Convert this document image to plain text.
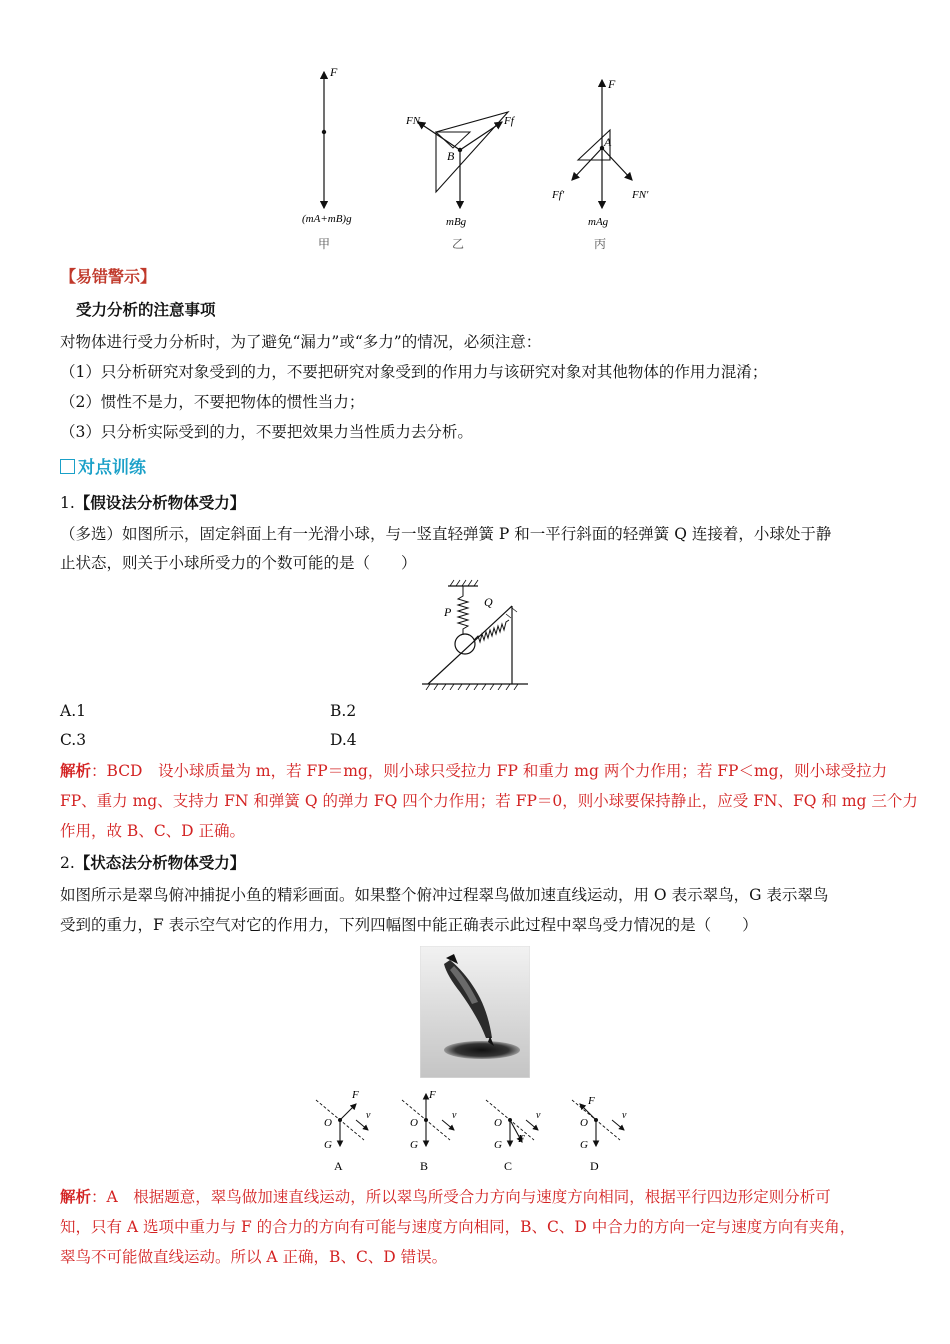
F
(mA+mB)g
甲
B
FN	Ff
mBg
乙
A
F
Ff′	FN′
mAg
丙
【易错警示】
受力分析的注意事项
对物体进行受力分析时，为了避免“漏力”或“多力”的情况，必须注意：
（1）只分析研究对象受到的力，不要把研究对象受到的作用力与该研究对象对其他物体的作用力混淆；
（2）惯性不是力，不要把物体的惯性当力；
（3）只分析实际受到的力，不要把效果力当性质力去分析。
对点训练
1.【假设法分析物体受力】
（多选）如图所示，固定斜面上有一光滑小球，与一竖直轻弹簧 P 和一平行斜面的轻弹簧 Q 连接着，小球处于静
止状态，则关于小球所受力的个数可能的是（　　）
P
Q
A.1	B.2
C.3	D.4
解析：BCD　设小球质量为 m，若 FP＝mg，则小球只受拉力 FP 和重力 mg 两个力作用；若 FP＜mg，则小球受拉力
FP、重力 mg、支持力 FN 和弹簧 Q 的弹力 FQ 四个力作用；若 FP＝0，则小球要保持静止，应受 FN、FQ 和 mg 三个力
作用，故 B、C、D 正确。
2.【状态法分析物体受力】
如图所示是翠鸟俯冲捕捉小鱼的精彩画面。如果整个俯冲过程翠鸟做加速直线运动，用 O 表示翠鸟，G 表示翠鸟
受到的重力，F 表示空气对它的作用力，下列四幅图中能正确表示此过程中翠鸟受力情况的是（　　）
F
O
G
v
A
F
O
G
v
B
F
O
G
v
C
F
O
G
v
D
解析：A　根据题意，翠鸟做加速直线运动，所以翠鸟所受合力方向与速度方向相同，根据平行四边形定则分析可
知，只有 A 选项中重力与 F 的合力的方向有可能与速度方向相同，B、C、D 中合力的方向一定与速度方向有夹角，
翠鸟不可能做直线运动。所以 A 正确，B、C、D 错误。
